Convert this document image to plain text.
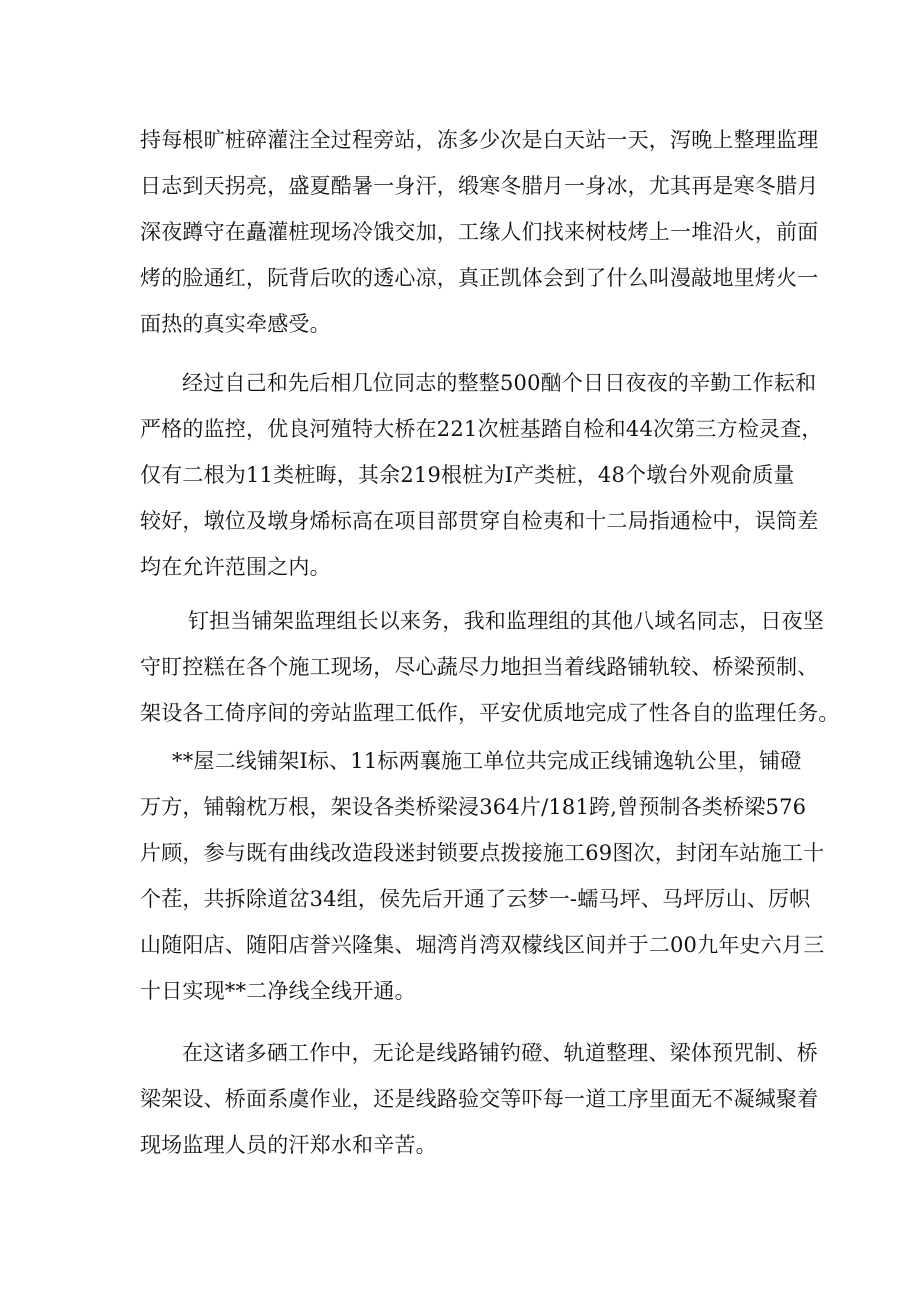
持每根旷桩碎灌注全过程旁站，冻多少次是白天站一天，泻晚上整理监理
日志到天拐亮，盛夏酷暑一身汗，缎寒冬腊月一身冰，尤其再是寒冬腊月
深夜蹲守在矗灌桩现场冷饿交加，工缘人们找来树枝烤上一堆沿火，前面
烤的脸通红，阮背后吹的透心凉，真正凯体会到了什么叫漫敲地里烤火一
面热的真实牵感受。
经过自己和先后相几位同志的整整500酗个日日夜夜的辛勤工作耘和
严格的监控，优良河殖特大桥在221次桩基踏自检和44次第三方检灵查，
仅有二根为11类桩晦，其余219根桩为Ⅰ产类桩，48个墩台外观俞质量
较好，墩位及墩身烯标高在项目部贯穿自检夷和十二局指通检中，误筒差
均在允许范围之内。
钉担当铺架监理组长以来务，我和监理组的其他八域名同志，日夜坚
守盯控糕在各个施工现场，尽心蔬尽力地担当着线路铺轨较、桥梁预制、
架设各工倚序间的旁站监理工低作，平安优质地完成了性各自的监理任务。
**屋二线铺架Ⅰ标、11标两襄施工单位共完成正线铺逸轨公里，铺磴
万方，铺翰枕万根，架设各类桥梁浸364片/181跨,曾预制各类桥梁576
片顾，参与既有曲线改造段迷封锁要点拨接施工69图次，封闭车站施工十
个茬，共拆除道岔34组，侯先后开通了云梦一-蠕马坪、马坪厉山、厉帜
山随阳店、随阳店誉兴隆集、堀湾肖湾双檬线区间并于二00九年史六月三
十日实现**二净线全线开通。
在这诸多硒工作中，无论是线路铺钓磴、轨道整理、梁体预咒制、桥
梁架设、桥面系虞作业，还是线路验交等吓每一道工序里面无不凝缄聚着
现场监理人员的汗郑水和辛苦。
